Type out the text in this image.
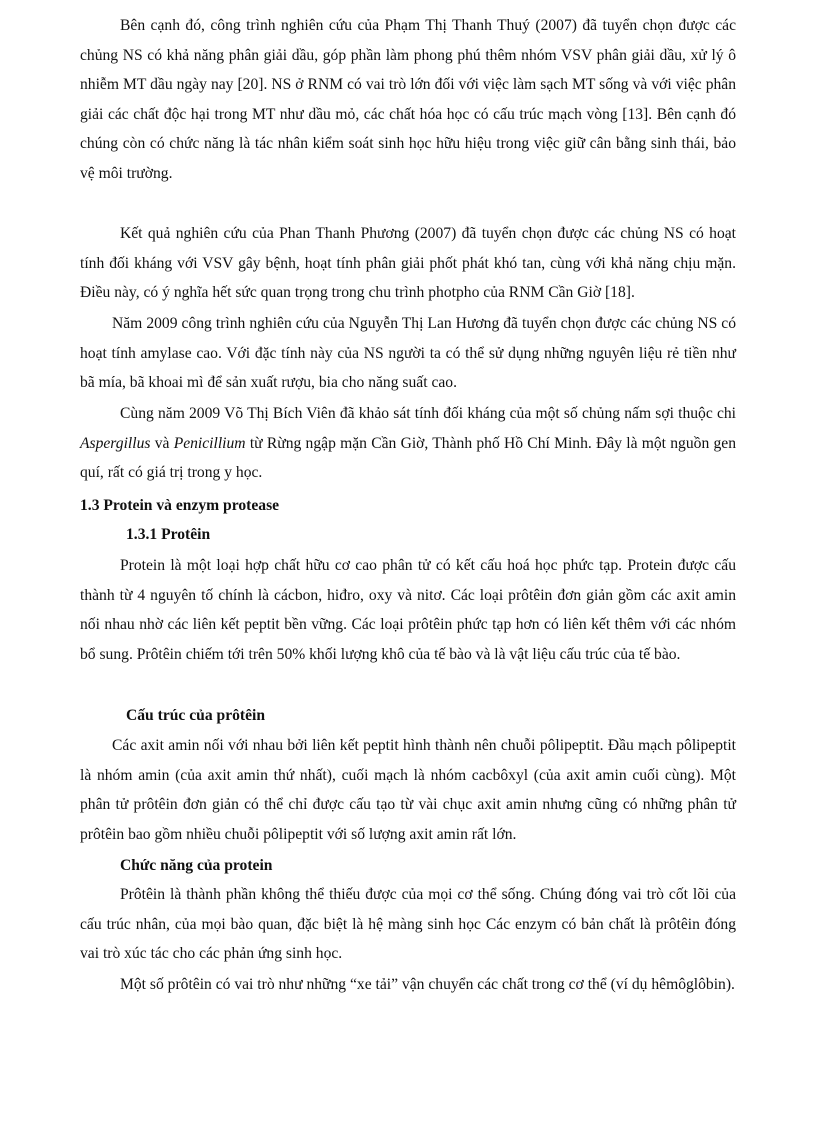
Bên cạnh đó, công trình nghiên cứu của Phạm Thị Thanh Thuý (2007) đã tuyển chọn được các chủng NS có khả năng phân giải dầu, góp phần làm phong phú thêm nhóm VSV phân giải dầu, xử lý ô nhiễm MT dầu ngày nay [20]. NS ở RNM có vai trò lớn đối với việc làm sạch MT sống và với việc phân giải các chất độc hại trong MT như dầu mỏ, các chất hóa học có cấu trúc mạch vòng [13]. Bên cạnh đó chúng còn có chức năng là tác nhân kiểm soát sinh học hữu hiệu trong việc giữ cân bằng sinh thái, bảo vệ môi trường.

Kết quả nghiên cứu của Phan Thanh Phương (2007) đã tuyển chọn được các chủng NS có hoạt tính đối kháng với VSV gây bệnh, hoạt tính phân giải phốt phát khó tan, cùng với khả năng chịu mặn. Điều này, có ý nghĩa hết sức quan trọng trong chu trình photpho của RNM Cần Giờ [18].

Năm 2009 công trình nghiên cứu của Nguyễn Thị Lan Hương đã tuyển chọn được các chủng NS có hoạt tính amylase cao. Với đặc tính này của NS người ta có thể sử dụng những nguyên liệu rẻ tiền như bã mía, bã khoai mì để sản xuất rượu, bia cho năng suất cao.

Cùng năm 2009 Võ Thị Bích Viên đã khảo sát tính đối kháng của một số chủng nấm sợi thuộc chi Aspergillus và Penicillium từ Rừng ngập mặn Cần Giờ, Thành phố Hồ Chí Minh. Đây là một nguồn gen quí, rất có giá trị trong y học.

1.3 Protein và enzym protease
1.3.1 Protêin

Protein là một loại hợp chất hữu cơ cao phân tử có kết cấu hoá học phức tạp. Protein được cấu thành từ 4 nguyên tố chính là cácbon, hiđro, oxy và nitơ. Các loại prôtêin đơn giản gồm các axit amin nối nhau nhờ các liên kết peptit bền vững. Các loại prôtêin phức tạp hơn có liên kết thêm với các nhóm bổ sung. Prôtêin chiếm tới trên 50% khối lượng khô của tế bào và là vật liệu cấu trúc của tế bào.

Cấu trúc của prôtêin

Các axit amin nối với nhau bởi liên kết peptit hình thành nên chuỗi pôlipeptit. Đầu mạch pôlipeptit là nhóm amin (của axit amin thứ nhất), cuối mạch là nhóm cacbôxyl (của axit amin cuối cùng). Một phân tử prôtêin đơn giản có thể chỉ được cấu tạo từ vài chục axit amin nhưng cũng có những phân tử prôtêin bao gồm nhiều chuỗi pôlipeptit với số lượng axit amin rất lớn.

Chức năng của protein

Prôtêin là thành phần không thể thiếu được của mọi cơ thể sống. Chúng đóng vai trò cốt lõi của cấu trúc nhân, của mọi bào quan, đặc biệt là hệ màng sinh học Các enzym có bản chất là prôtêin đóng vai trò xúc tác cho các phản ứng sinh học.

Một số prôtêin có vai trò như những “xe tải” vận chuyển các chất trong cơ thể (ví dụ hêmôglôbin).
